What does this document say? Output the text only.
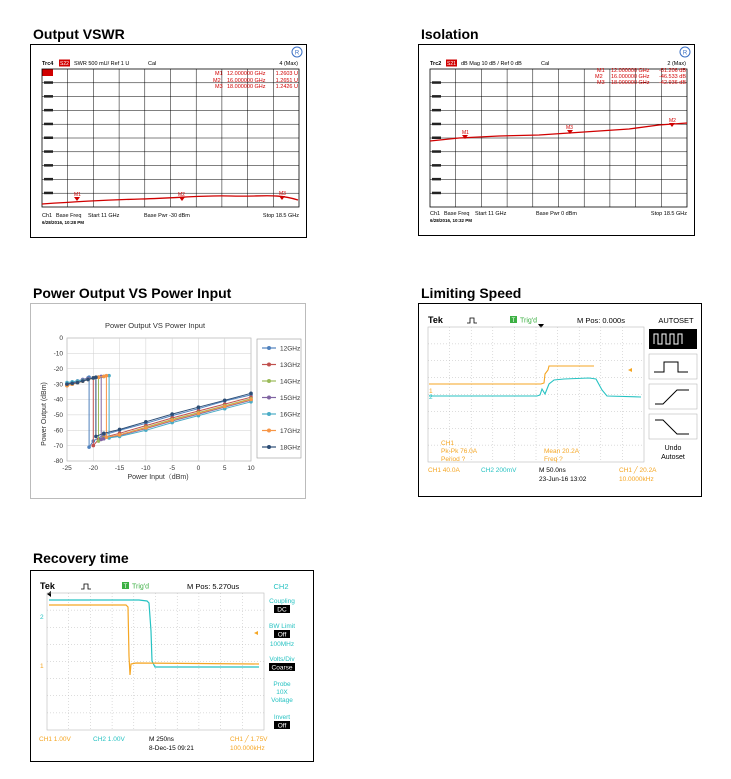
Output VSWR	Isolation
Power Output VS Power Input	Limiting Speed
Recovery time
R
Trc4 S22 SWR 500 mU/ Ref 1 U	Cal	4 (Max)
M1 12.000000 GHz 1.2603 U
M2 16.000000 GHz 1.2651 U
M3 18.000000 GHz 1.2426 U
M1	M2	M3
Ch1 Base Freq Start 11 GHz	Base Pwr -30 dBm	Stop 18.5 GHz
6/28/2016, 10:28 PM
R
Trc2 S21 dB Mag 10 dB / Ref 0 dB	Cal	2 (Max)
M1 12.000000 GHz -51.206 dB
M2 16.000000 GHz -46.533 dB
M3 18.000000 GHz -42.936 dB
M1
M3
M2
Ch1 Base Freq Start 11 GHz	Base Pwr 0 dBm	Stop 18.5 GHz
6/28/2016, 10:32 PM
Power Output VS Power Input
Power Output (dBm)
Power Input（dBm)
-25	-20	-15	-10	-5	0	5	10
0
-10
-20
-30
-40
-50
-60
-70
-80
12GHz
13GHz
14GHz
15GHz
16GHz
17GHz
18GHz
Tek	T Trig'd	M Pos: 0.000s	AUTOSET
1
2
Undo
Autoset
CH1
Pk-Pk 76.0A
Period ?
Mean 20.2A
Freq ?
CH1 40.0A	CH2 200mV	M 50.0ns
23-Jun-16 13:02
CH1 ╱ 20.2A
10.0000kHz
Tek	T Trig'd	M Pos: 5.270us	CH2
2
1
Coupling
DC
BW Limit
Off
100MHz
Volts/Div
Coarse
Probe
10X
Voltage
Invert
Off
CH1 1.00V	CH2 1.00V	M 250ns
8-Dec-15 09:21
CH1 ╱ 1.75V
100.000kHz
